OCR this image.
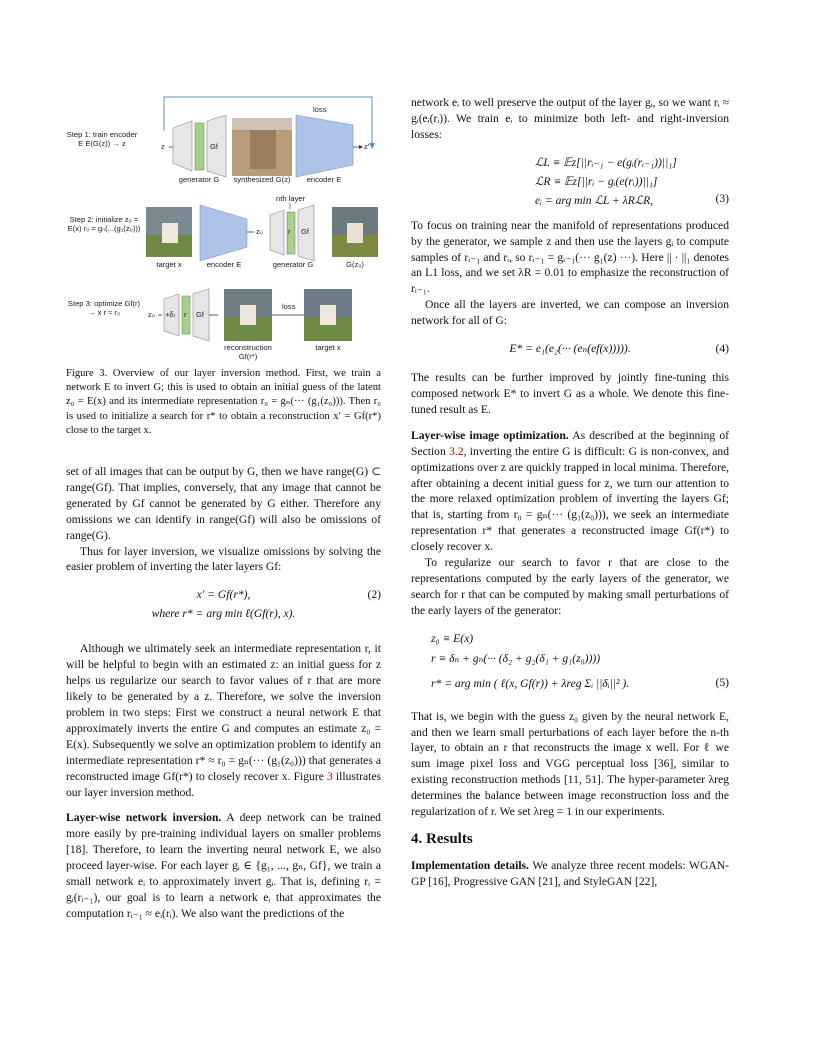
Step 1: train encoder E E(G(z)) → z	z	Gf
loss
z'
generator G	synthesized G(z)	encoder E
Step 2: initialize z₀ = E(x) r₀ = gₙ(...(g₁(z₀)))
nth layer
z₀	r Gf
target x	encoder E	generator G	G(z₀)
Step 3: optimize Gf(r) → x r ≈ r₀	z₀ +δᵢ r Gf
loss
reconstruction Gf(r*)
target x

Figure 3. Overview of our layer inversion method. First, we train a network E to invert G; this is used to obtain an initial guess of the latent z₀ = E(x) and its intermediate representation r₀ = gₙ(··· (g₁(z₀))). Then r₀ is used to initialize a search for r* to obtain a reconstruction x′ = Gf(r*) close to the target x.

set of all images that can be output by G, then we have range(G) ⊂ range(Gf). That implies, conversely, that any image that cannot be generated by Gf cannot be generated by G either. Therefore any omissions we can identify in range(Gf) will also be omissions of range(G).

Thus for layer inversion, we visualize omissions by solving the easier problem of inverting the later layers Gf:

x′ = Gf(r*),
where r* = arg min ℓ(Gf(r), x).
(2)

Although we ultimately seek an intermediate representation r, it will be helpful to begin with an estimated z: an initial guess for z helps us regularize our search to favor values of r that are more likely to be generated by a z. Therefore, we solve the inversion problem in two steps: First we construct a neural network E that approximately inverts the entire G and computes an estimate z₀ = E(x). Subsequently we solve an optimization problem to identify an intermediate representation r* ≈ r₀ = gₙ(··· (g₁(z₀))) that generates a reconstructed image Gf(r*) to closely recover x. Figure 3 illustrates our layer inversion method.

Layer-wise network inversion. A deep network can be trained more easily by pre-training individual layers on smaller problems [18]. Therefore, to learn the inverting neural network E, we also proceed layer-wise. For each layer gᵢ ∈ {g₁, ..., gₙ, Gf}, we train a small network eᵢ to approximately invert gᵢ. That is, defining rᵢ = gᵢ(rᵢ₋₁), our goal is to learn a network eᵢ that approximates the computation rᵢ₋₁ ≈ eᵢ(rᵢ). We also want the predictions of the

network eᵢ to well preserve the output of the layer gᵢ, so we want rᵢ ≈ gᵢ(eᵢ(rᵢ)). We train eᵢ to minimize both left- and right-inversion losses:

ℒL ≡ 𝔼z[||rᵢ₋₁ − e(gᵢ(rᵢ₋₁))||₁]
ℒR ≡ 𝔼z[||rᵢ − gᵢ(e(rᵢ))||₁]
eᵢ = arg min ℒL + λRℒR,	(3)

To focus on training near the manifold of representations produced by the generator, we sample z and then use the layers gᵢ to compute samples of rᵢ₋₁ and rᵢ, so rᵢ₋₁ = gᵢ₋₁(··· g₁(z) ···). Here || · ||₁ denotes an L1 loss, and we set λR = 0.01 to emphasize the reconstruction of rᵢ₋₁.

Once all the layers are inverted, we can compose an inversion network for all of G:

E* = e₁(e₂(··· (eₙ(ef(x))))).	(4)

The results can be further improved by jointly fine-tuning this composed network E* to invert G as a whole. We denote this fine-tuned result as E.

Layer-wise image optimization. As described at the beginning of Section 3.2, inverting the entire G is difficult: G is non-convex, and optimizations over z are quickly trapped in local minima. Therefore, after obtaining a decent initial guess for z, we turn our attention to the more relaxed optimization problem of inverting the layers Gf; that is, starting from r₀ = gₙ(··· (g₁(z₀))), we seek an intermediate representation r* that generates a reconstructed image Gf(r*) to closely recover x.

To regularize our search to favor r that are close to the representations computed by the early layers of the generator, we search for r that can be computed by making small perturbations of the early layers of the generator:

z₀ ≡ E(x)
r ≡ δₙ + gₙ(··· (δ₂ + g₂(δ₁ + g₁(z₀))))
r* = arg min ( ℓ(x, Gf(r)) + λreg Σᵢ ||δᵢ||² ).	(5)

That is, we begin with the guess z₀ given by the neural network E, and then we learn small perturbations of each layer before the n-th layer, to obtain an r that reconstructs the image x well. For ℓ we sum image pixel loss and VGG perceptual loss [36], similar to existing reconstruction methods [11, 51]. The hyper-parameter λreg determines the balance between image reconstruction loss and the regularization of r. We set λreg = 1 in our experiments.

4. Results

Implementation details. We analyze three recent models: WGAN-GP [16], Progressive GAN [21], and StyleGAN [22],
